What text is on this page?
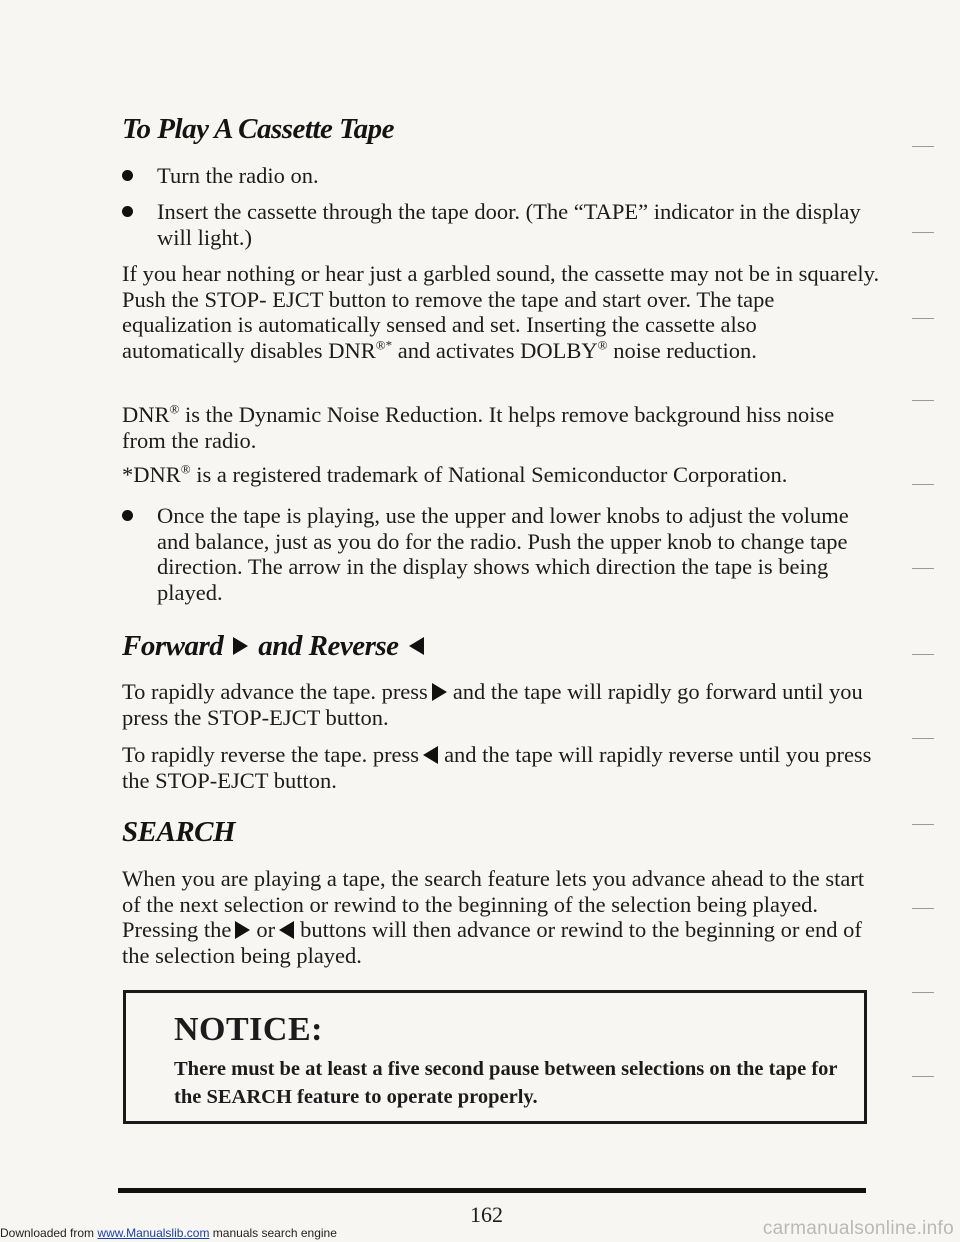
To Play A Cassette Tape
Turn the radio on.
Insert the cassette through the tape door. (The “TAPE” indicator in the display will light.)

If you hear nothing or hear just a garbled sound, the cassette may not be in squarely. Push the STOP- EJCT button to remove the tape and start over. The tape equalization is automatically sensed and set. Inserting the cassette also automatically disables DNR®* and activates DOLBY® noise reduction.

DNR® is the Dynamic Noise Reduction. It helps remove background hiss noise from the radio.

*DNR® is a registered trademark of National Semiconductor Corporation.

Once the tape is playing, use the upper and lower knobs to adjust the volume and balance, just as you do for the radio. Push the upper knob to change tape direction. The arrow in the display shows which direction the tape is being played.
Forward and Reverse

To rapidly advance the tape. press and the tape will rapidly go forward until you press the STOP-EJCT button.

To rapidly reverse the tape. press and the tape will rapidly reverse until you press the STOP-EJCT button.

SEARCH

When you are playing a tape, the search feature lets you advance ahead to the start of the next selection or rewind to the beginning of the selection being played. Pressing the or buttons will then advance or rewind to the beginning or end of the selection being played.

NOTICE:

There must be at least a five second pause between selections on the tape for the SEARCH feature to operate properly.

162
Downloaded from www.Manualslib.com manuals search engine	carmanualsonline.info
